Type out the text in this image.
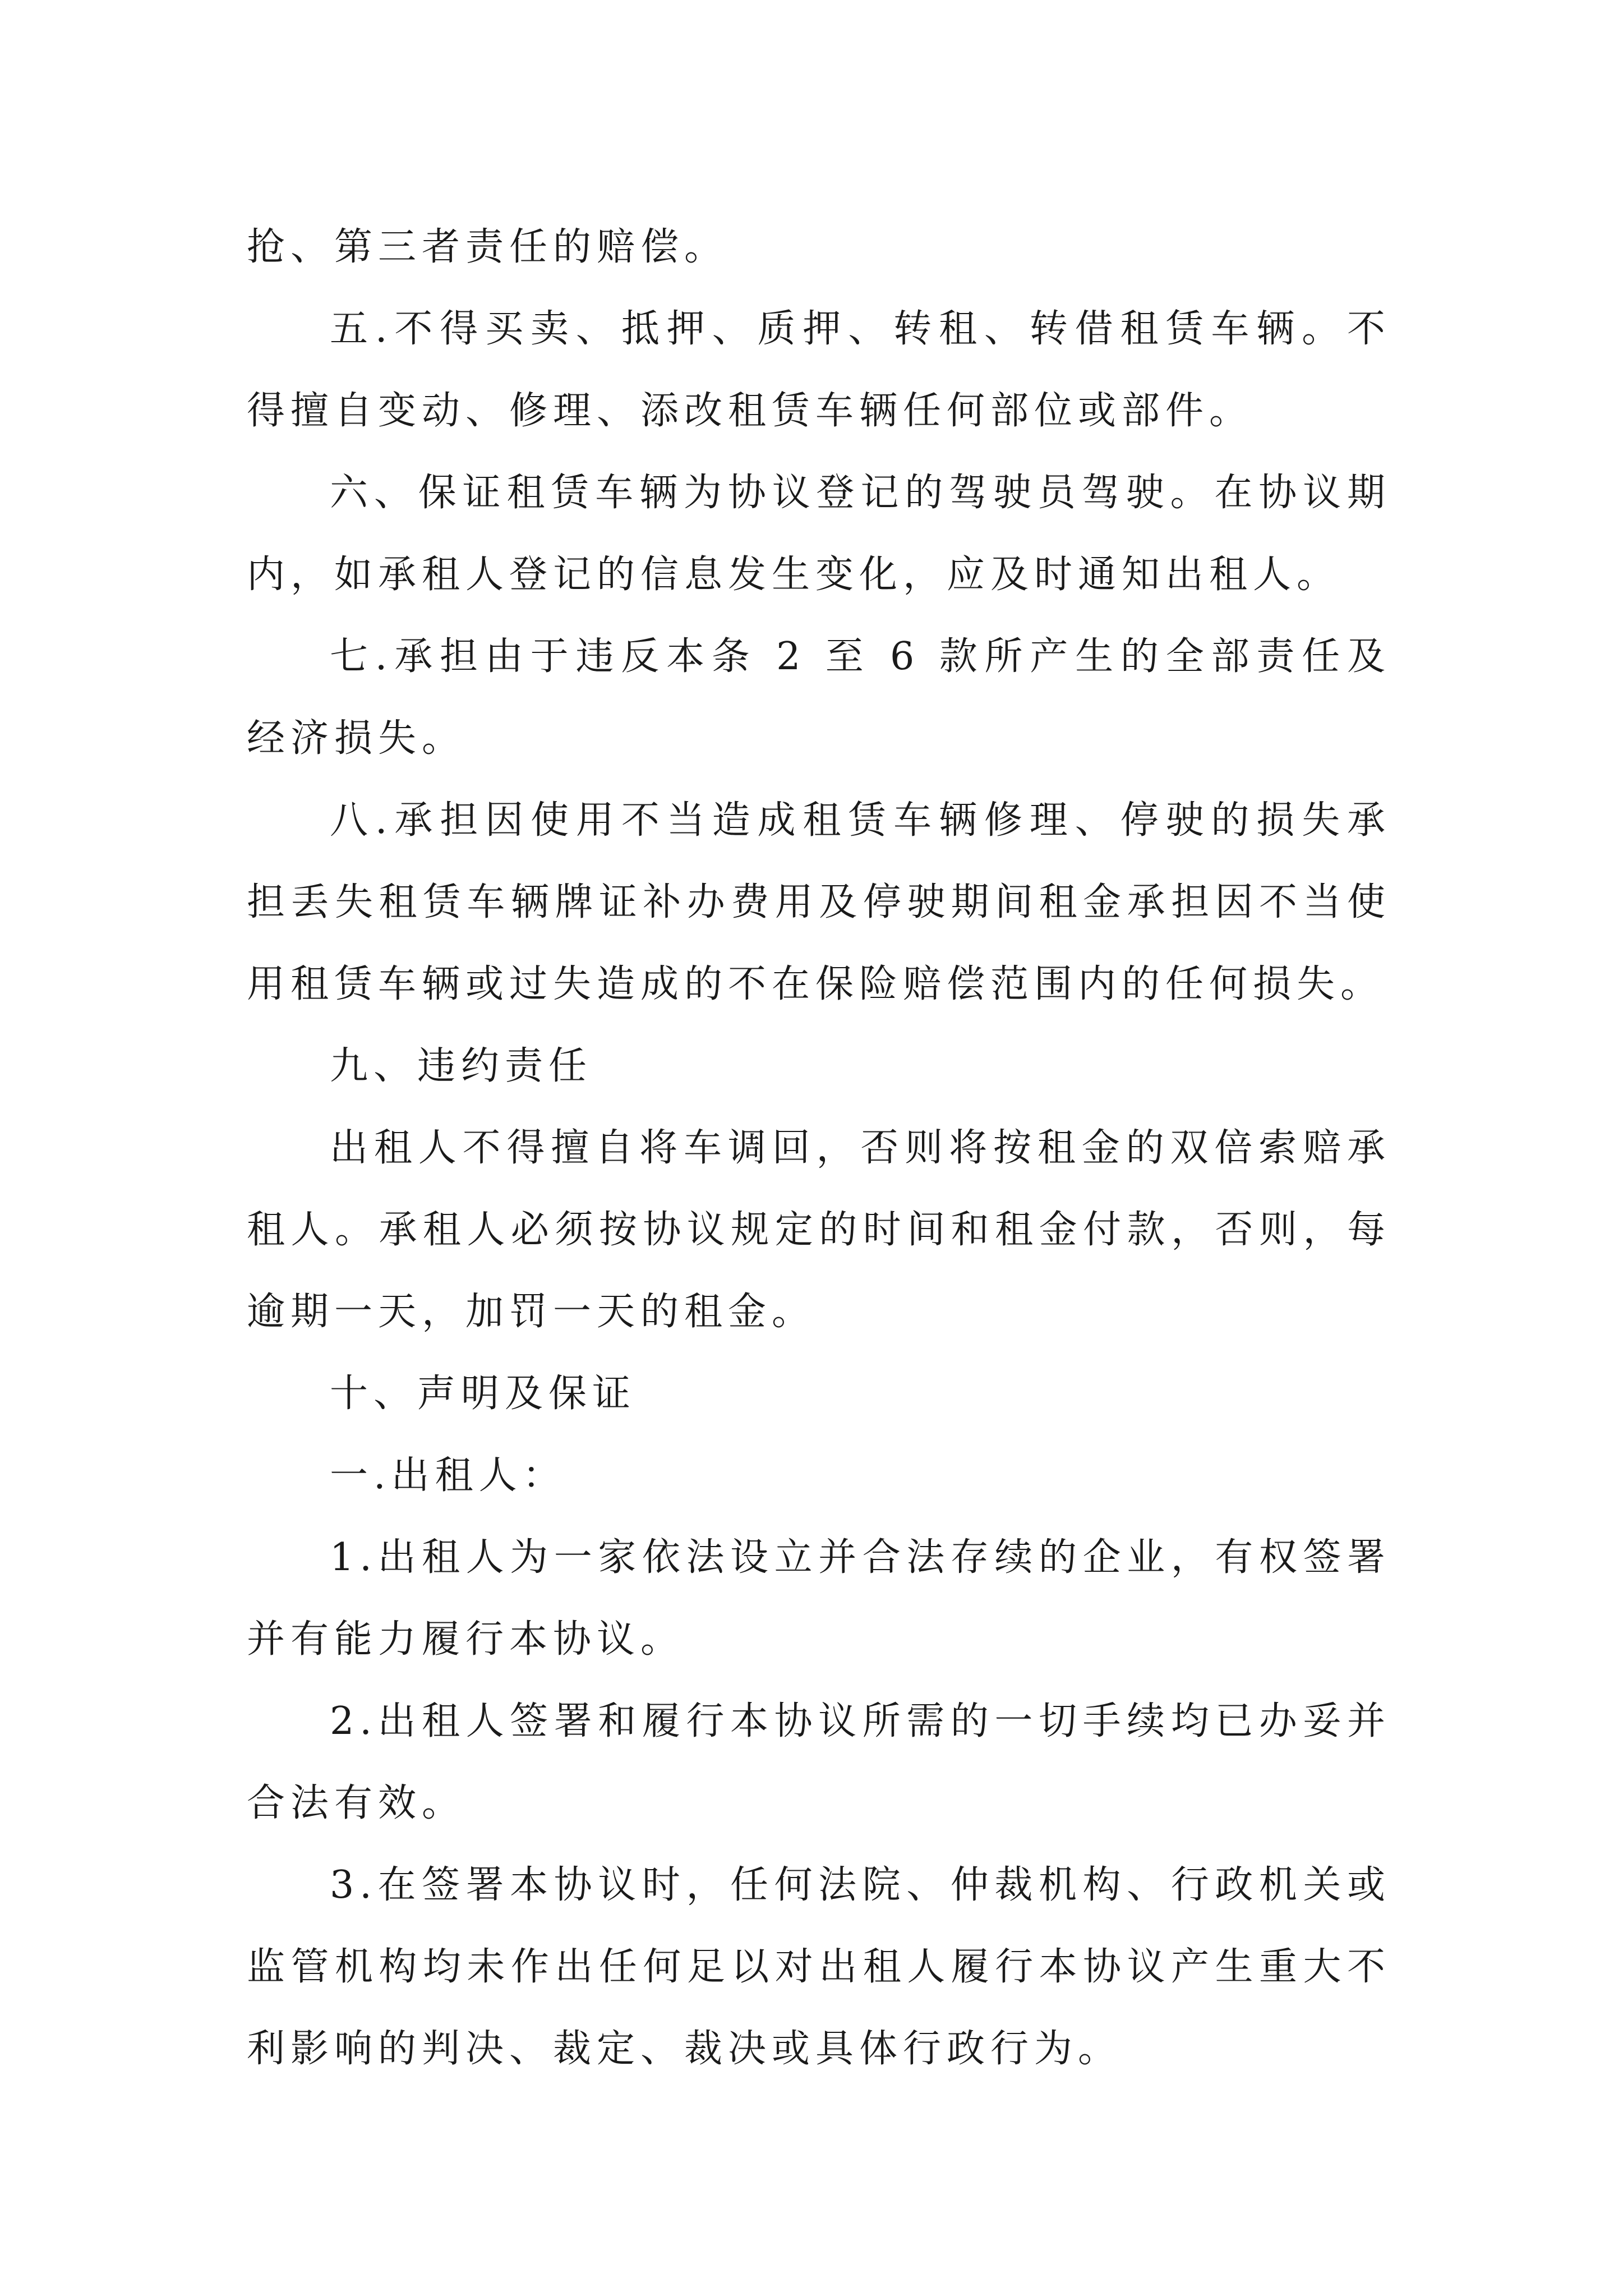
抢、第三者责任的赔偿。

五.不得买卖、抵押、质押、转租、转借租赁车辆。不得擅自变动、修理、添改租赁车辆任何部位或部件。

六、保证租赁车辆为协议登记的驾驶员驾驶。在协议期内，如承租人登记的信息发生变化，应及时通知出租人。

七.承担由于违反本条 2 至 6 款所产生的全部责任及经济损失。

八.承担因使用不当造成租赁车辆修理、停驶的损失承担丢失租赁车辆牌证补办费用及停驶期间租金承担因不当使用租赁车辆或过失造成的不在保险赔偿范围内的任何损失。

九、违约责任

出租人不得擅自将车调回，否则将按租金的双倍索赔承租人。承租人必须按协议规定的时间和租金付款，否则，每逾期一天，加罚一天的租金。

十、声明及保证

一.出租人：

1.出租人为一家依法设立并合法存续的企业，有权签署并有能力履行本协议。

2.出租人签署和履行本协议所需的一切手续均已办妥并合法有效。

3.在签署本协议时，任何法院、仲裁机构、行政机关或监管机构均未作出任何足以对出租人履行本协议产生重大不利影响的判决、裁定、裁决或具体行政行为。
